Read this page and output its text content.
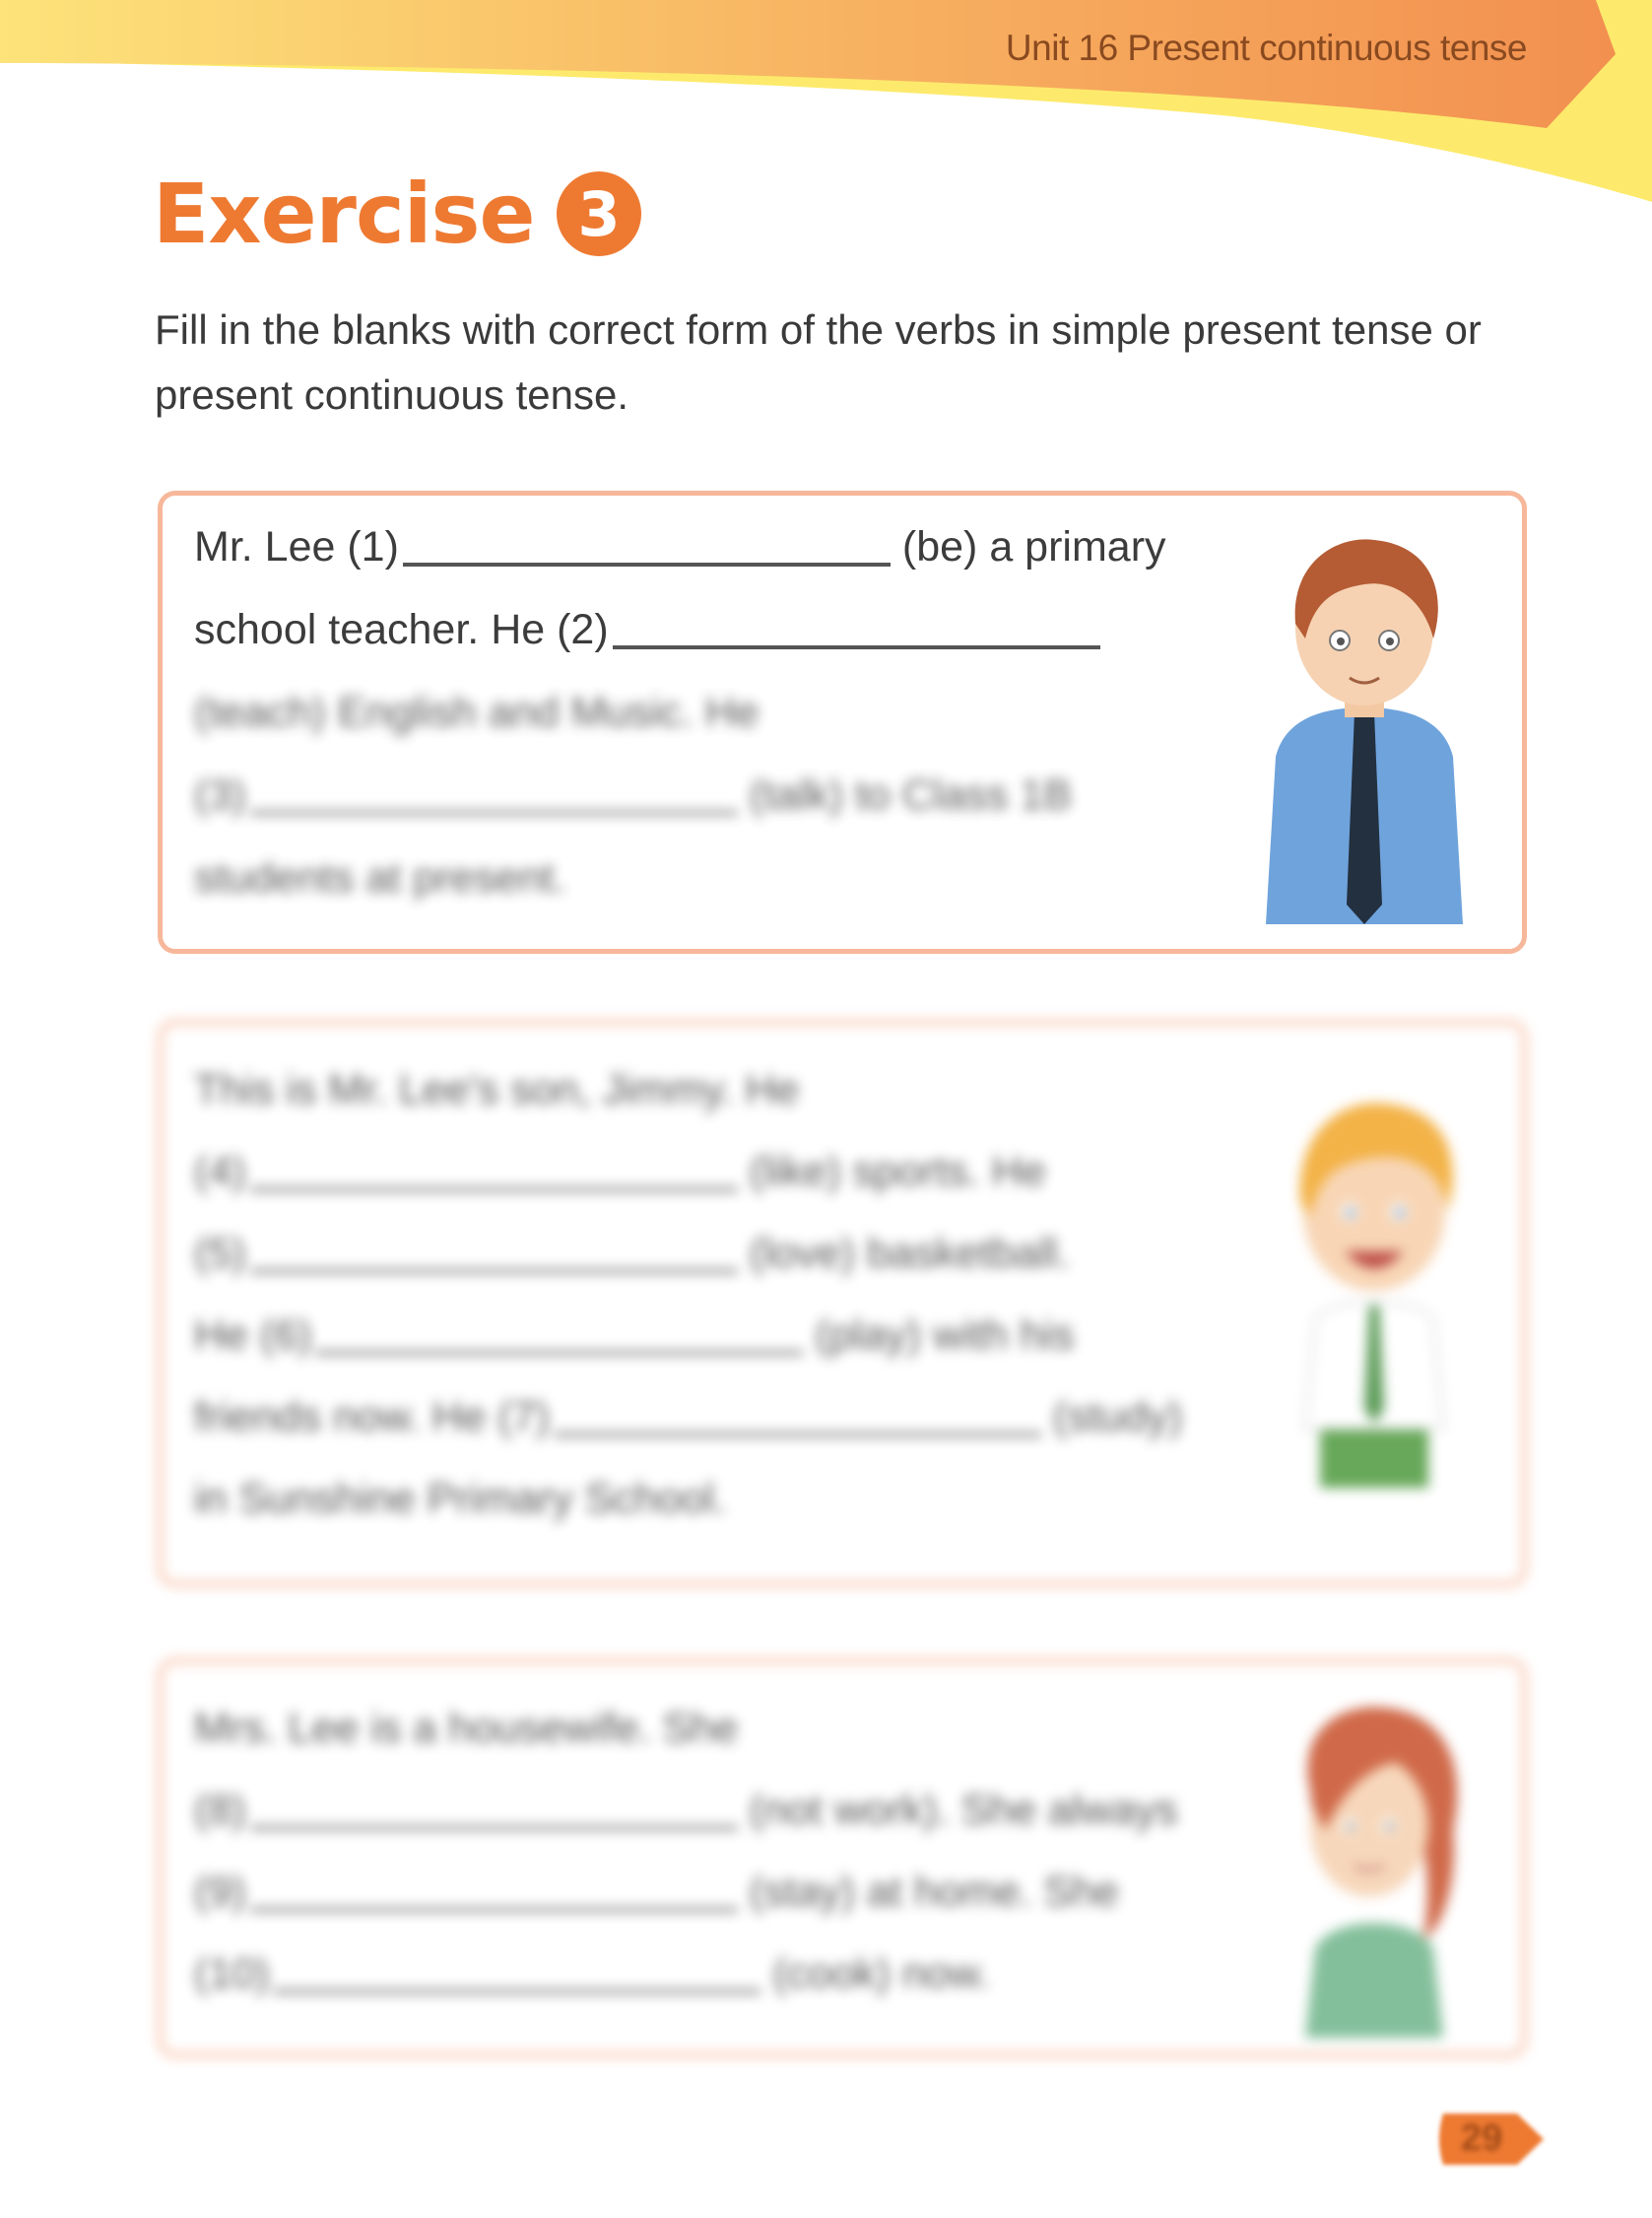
Unit 16 Present continuous tense
Exercise 3
Fill in the blanks with correct form of the verbs in simple present tense or present continuous tense.
Mr. Lee (1)	(be) a primary
school teacher. He (2)
(teach) English and Music. He
(3)	(talk) to Class 1B
students at present.
This is Mr. Lee's son, Jimmy. He
(4)	(like) sports. He
(5)	(love) basketball.
He (6)	(play) with his
friends now. He (7)	(study)
in Sunshine Primary School.
Mrs. Lee is a housewife. She
(8)	(not work). She always
(9)	(stay) at home. She
(10)	(cook) now.
29
